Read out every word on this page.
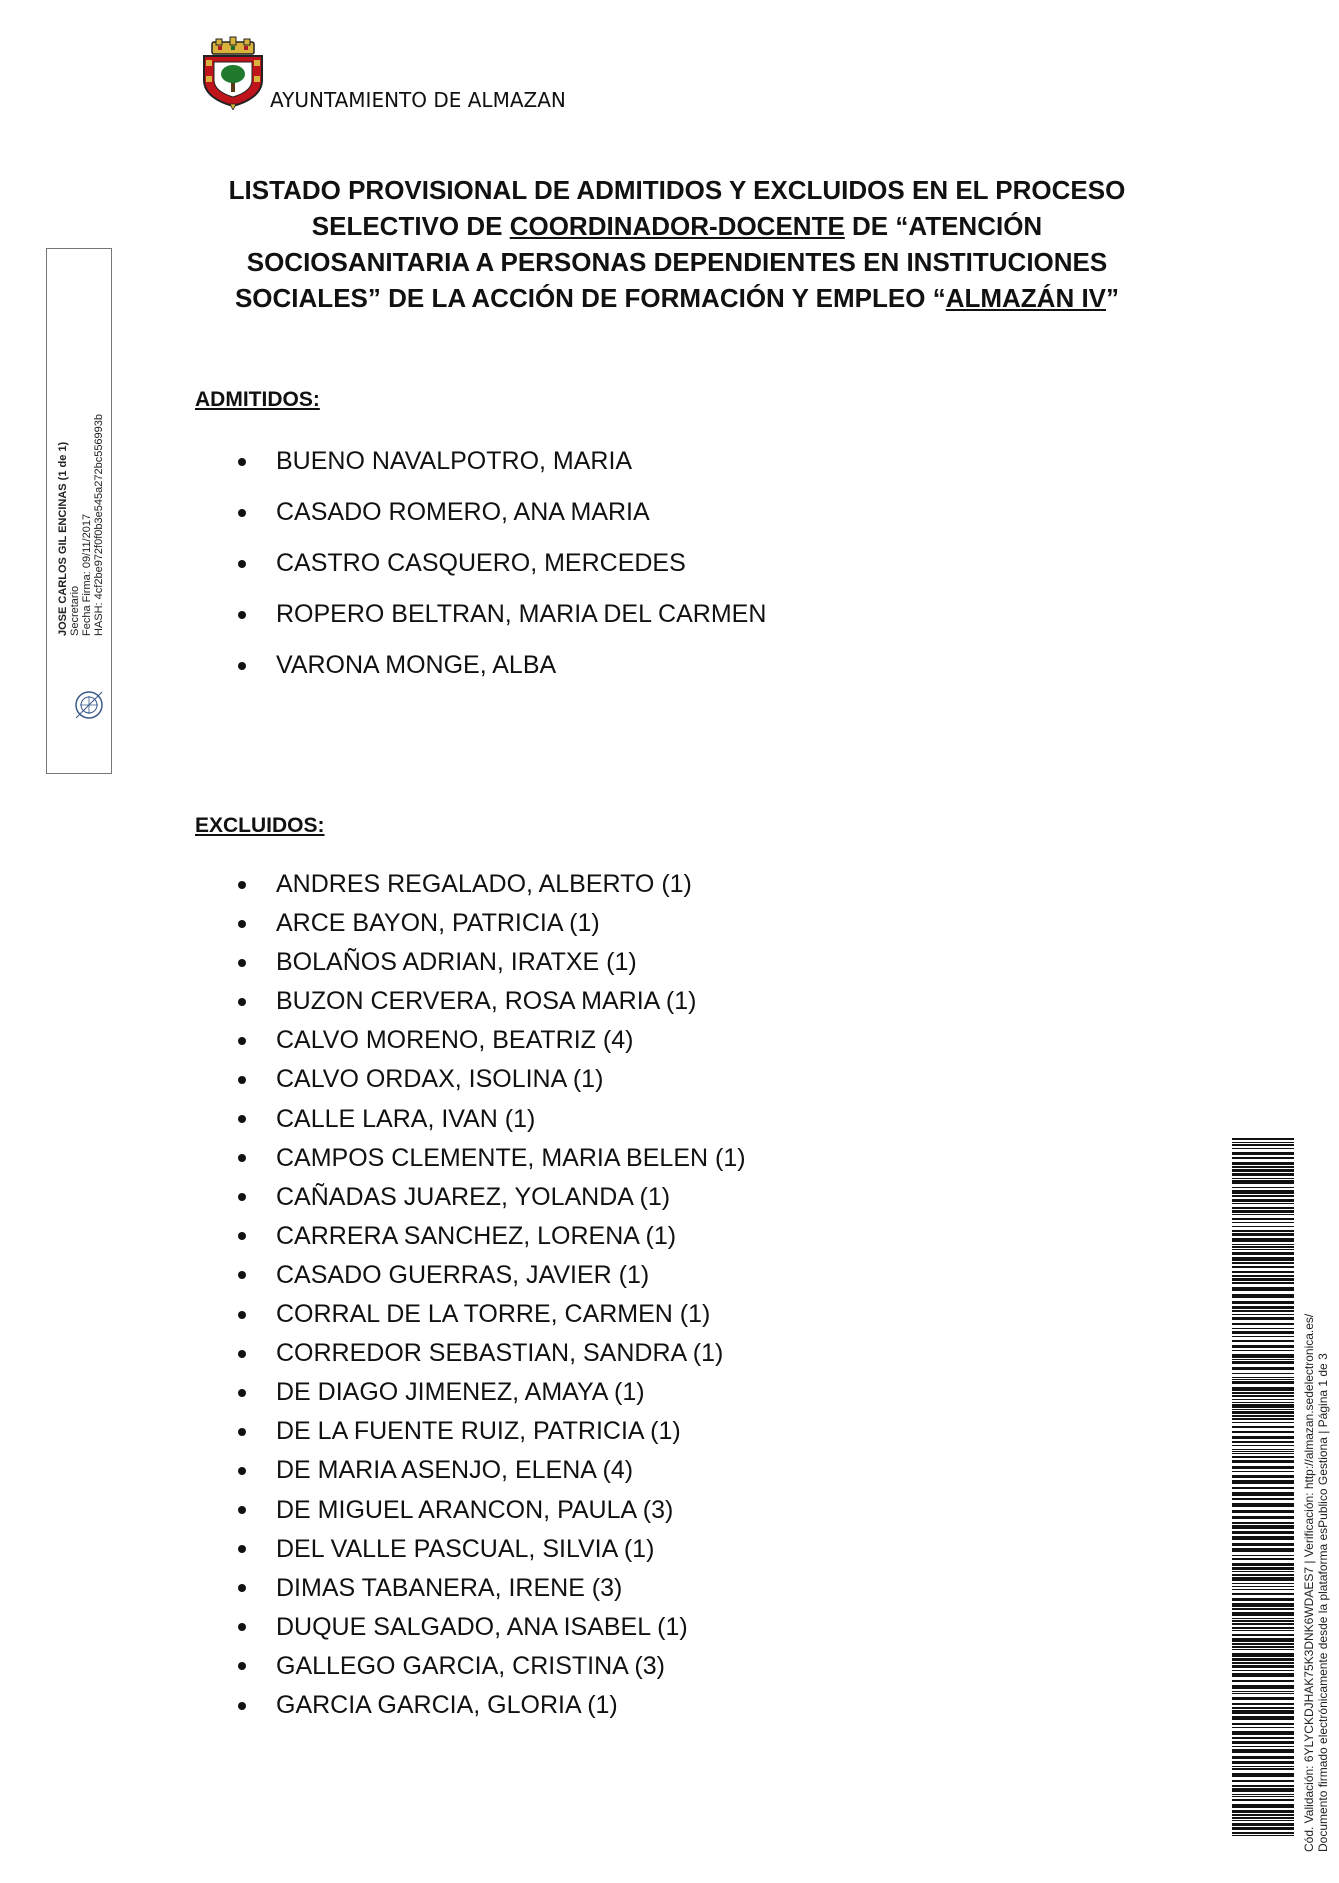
AYUNTAMIENTO DE ALMAZAN
LISTADO PROVISIONAL DE ADMITIDOS Y EXCLUIDOS EN EL PROCESO
SELECTIVO DE COORDINADOR-DOCENTE DE “ATENCIÓN
SOCIOSANITARIA A PERSONAS DEPENDIENTES EN INSTITUCIONES
SOCIALES” DE LA ACCIÓN DE FORMACIÓN Y EMPLEO “ALMAZÁN IV”
ADMITIDOS:
BUENO NAVALPOTRO, MARIA
CASADO ROMERO, ANA MARIA
CASTRO CASQUERO, MERCEDES
ROPERO BELTRAN, MARIA DEL CARMEN
VARONA MONGE, ALBA
EXCLUIDOS:
ANDRES REGALADO, ALBERTO (1)
ARCE BAYON, PATRICIA (1)
BOLAÑOS ADRIAN, IRATXE (1)
BUZON CERVERA, ROSA MARIA (1)
CALVO MORENO, BEATRIZ (4)
CALVO ORDAX, ISOLINA (1)
CALLE LARA, IVAN (1)
CAMPOS CLEMENTE, MARIA BELEN (1)
CAÑADAS JUAREZ, YOLANDA (1)
CARRERA SANCHEZ, LORENA (1)
CASADO GUERRAS, JAVIER (1)
CORRAL DE LA TORRE, CARMEN (1)
CORREDOR SEBASTIAN, SANDRA (1)
DE DIAGO JIMENEZ, AMAYA (1)
DE LA FUENTE RUIZ, PATRICIA (1)
DE MARIA ASENJO, ELENA (4)
DE MIGUEL ARANCON, PAULA (3)
DEL VALLE PASCUAL, SILVIA (1)
DIMAS TABANERA, IRENE (3)
DUQUE SALGADO, ANA ISABEL (1)
GALLEGO GARCIA, CRISTINA (3)
GARCIA GARCIA, GLORIA (1)
JOSE CARLOS GIL ENCINAS (1 de 1) Secretario Fecha Firma: 09/11/2017 HASH: 4cf2be972f0f0b3e545a272bc556993b
Cód. Validación: 6YLYCKDJHAK75K3DNK6WDAES7 | Verificación: http://almazan.sedelectronica.es/ Documento firmado electrónicamente desde la plataforma esPublico Gestiona | Página 1 de 3
